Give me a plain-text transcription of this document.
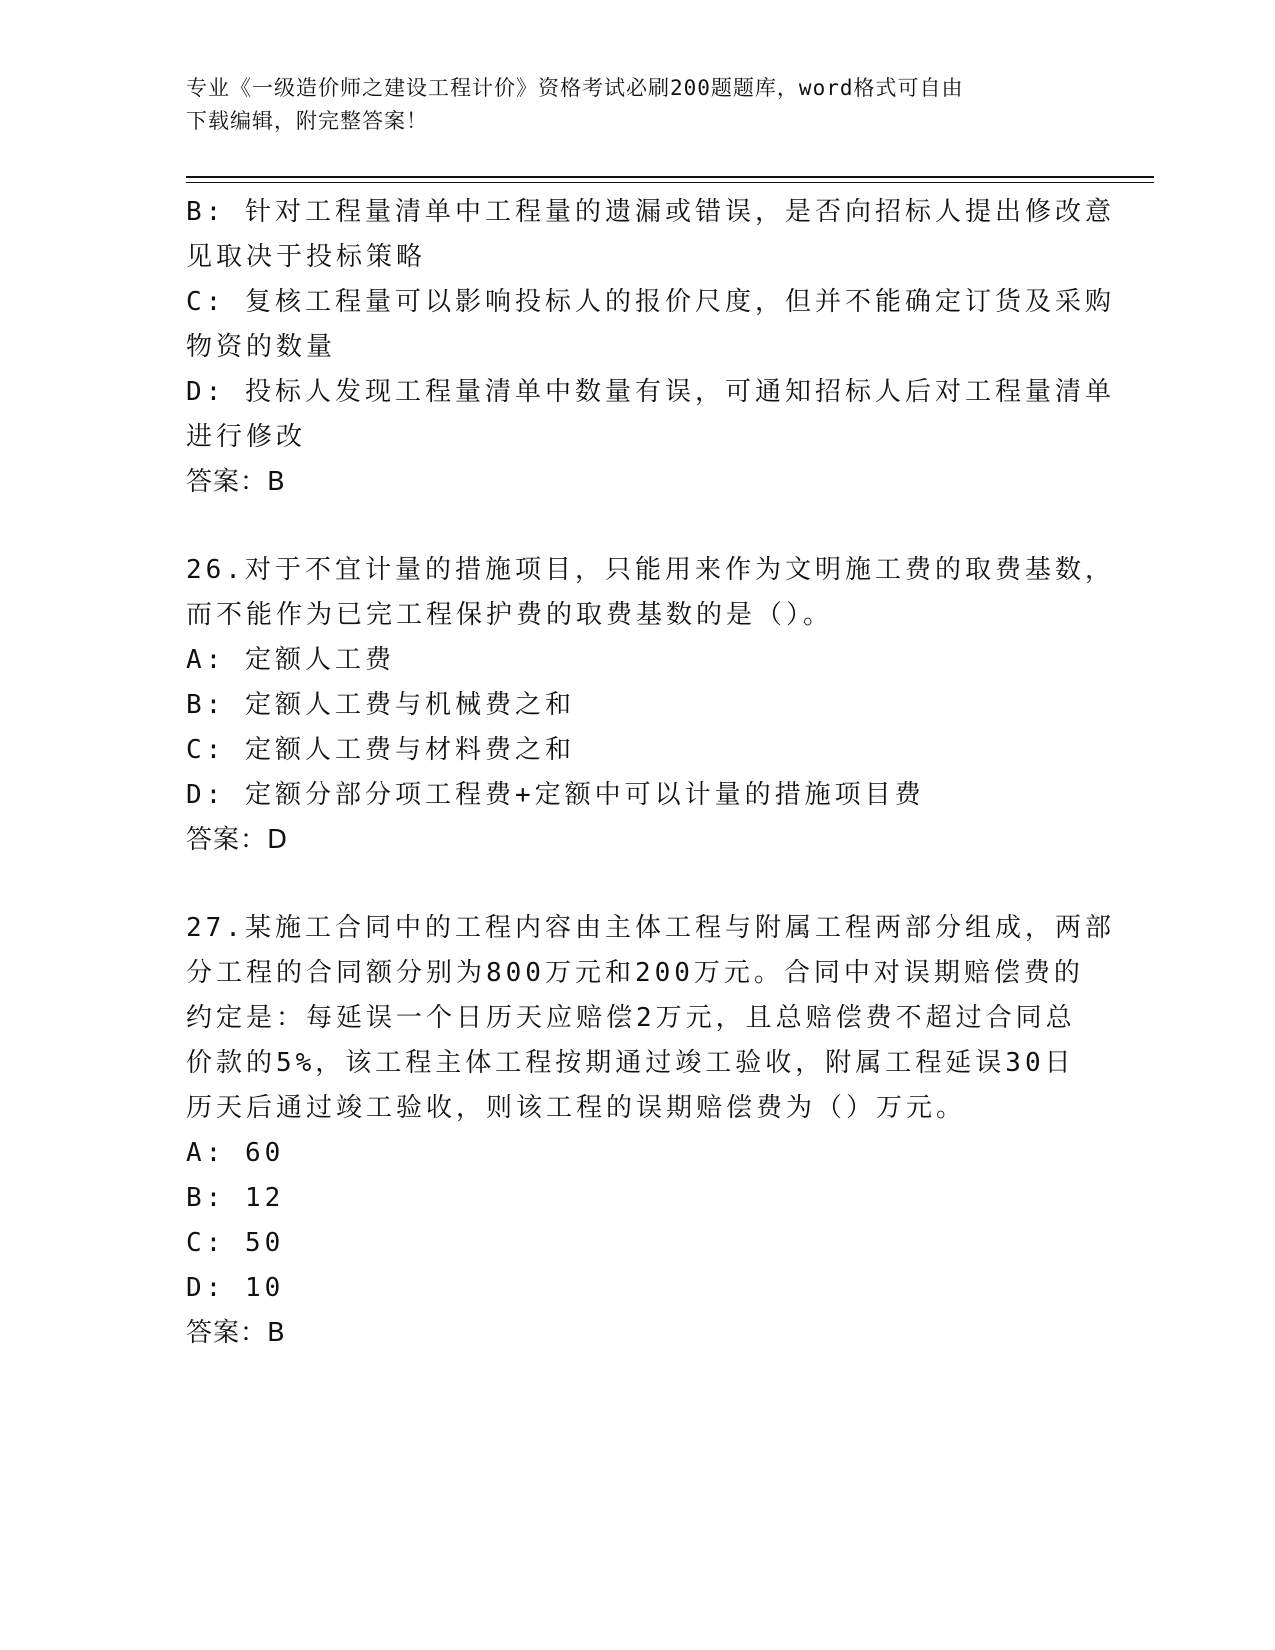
专业《一级造价师之建设工程计价》资格考试必刷200题题库，word格式可自由
下载编辑，附完整答案！
B: 针对工程量清单中工程量的遗漏或错误，是否向招标人提出修改意
见取决于投标策略
C: 复核工程量可以影响投标人的报价尺度，但并不能确定订货及采购
物资的数量
D: 投标人发现工程量清单中数量有误，可通知招标人后对工程量清单
进行修改
答案：B
26.对于不宜计量的措施项目，只能用来作为文明施工费的取费基数，
而不能作为已完工程保护费的取费基数的是（）。
A: 定额人工费
B: 定额人工费与机械费之和
C: 定额人工费与材料费之和
D: 定额分部分项工程费+定额中可以计量的措施项目费
答案：D
27.某施工合同中的工程内容由主体工程与附属工程两部分组成，两部
分工程的合同额分别为800万元和200万元。合同中对误期赔偿费的
约定是：每延误一个日历天应赔偿2万元，且总赔偿费不超过合同总
价款的5%，该工程主体工程按期通过竣工验收，附属工程延误30日
历天后通过竣工验收，则该工程的误期赔偿费为（）万元。
A: 60
B: 12
C: 50
D: 10
答案：B
